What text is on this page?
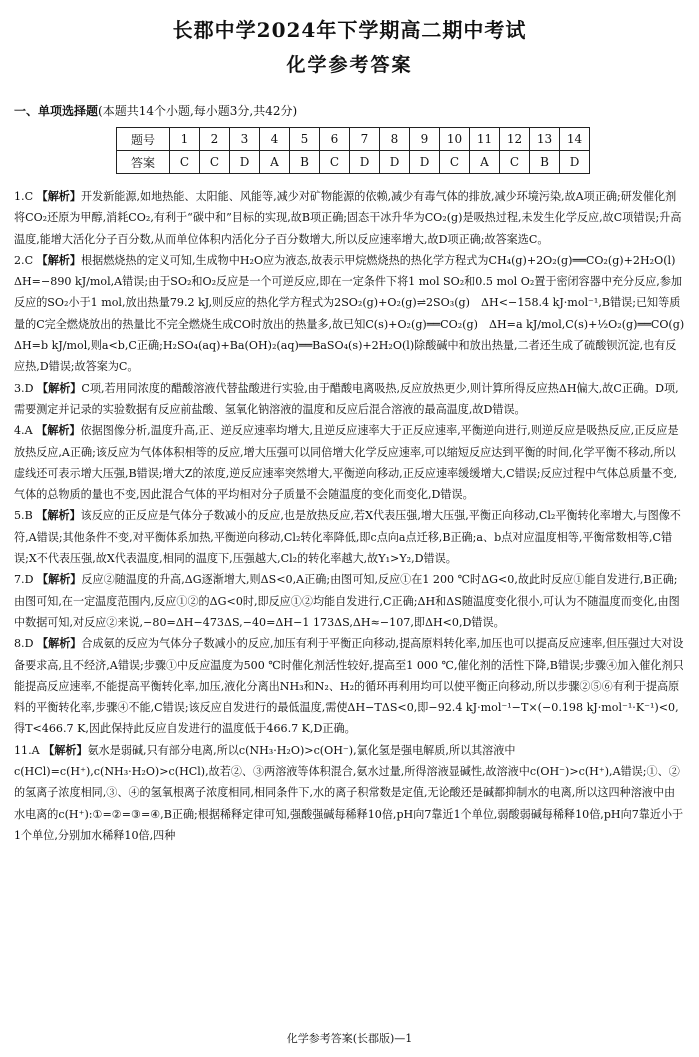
长郡中学2024年下学期高二期中考试
化学参考答案
一、单项选择题(本题共14个小题,每小题3分,共42分)
题号	1	2	3	4	5	6	7	8	9	10	11	12	13	14
答案	C	C	D	A	B	C	D	D	D	C	A	C	B	D
1.C 【解析】开发新能源,如地热能、太阳能、风能等,减少对矿物能源的依赖,减少有毒气体的排放,减少环境污染,故A项正确;研发催化剂将CO₂还原为甲醇,消耗CO₂,有利于“碳中和”目标的实现,故B项正确;固态干冰升华为CO₂(g)是吸热过程,未发生化学反应,故C项错误;升高温度,能增大活化分子百分数,从而单位体积内活化分子百分数增大,所以反应速率增大,故D项正确;故答案选C。
2.C 【解析】根据燃烧热的定义可知,生成物中H₂O应为液态,故表示甲烷燃烧热的热化学方程式为CH₄(g)+2O₂(g)══CO₂(g)+2H₂O(l)　ΔH=−890 kJ/mol,A错误;由于SO₂和O₂反应是一个可逆反应,即在一定条件下将1 mol SO₂和0.5 mol O₂置于密闭容器中充分反应,参加反应的SO₂小于1 mol,放出热量79.2 kJ,则反应的热化学方程式为2SO₂(g)+O₂(g)⇌2SO₃(g)　ΔH<−158.4 kJ·mol⁻¹,B错误;已知等质量的C完全燃烧放出的热量比不完全燃烧生成CO时放出的热量多,故已知C(s)+O₂(g)══CO₂(g)　ΔH=a kJ/mol,C(s)+½O₂(g)══CO(g)　ΔH=b kJ/mol,则a<b,C正确;H₂SO₄(aq)+Ba(OH)₂(aq)══BaSO₄(s)+2H₂O(l)除酸碱中和放出热量,二者还生成了硫酸钡沉淀,也有反应热,D错误;故答案为C。
3.D 【解析】C项,若用同浓度的醋酸溶液代替盐酸进行实验,由于醋酸电离吸热,反应放热更少,则计算所得反应热ΔH偏大,故C正确。D项,需要测定并记录的实验数据有反应前盐酸、氢氧化钠溶液的温度和反应后混合溶液的最高温度,故D错误。
4.A 【解析】依据图像分析,温度升高,正、逆反应速率均增大,且逆反应速率大于正反应速率,平衡逆向进行,则逆反应是吸热反应,正反应是放热反应,A正确;该反应为气体体积相等的反应,增大压强可以同倍增大化学反应速率,可以缩短反应达到平衡的时间,化学平衡不移动,所以虚线还可表示增大压强,B错误;增大Z的浓度,逆反应速率突然增大,平衡逆向移动,正反应速率缓缓增大,C错误;反应过程中气体总质量不变,气体的总物质的量也不变,因此混合气体的平均相对分子质量不会随温度的变化而变化,D错误。
5.B 【解析】该反应的正反应是气体分子数减小的反应,也是放热反应,若X代表压强,增大压强,平衡正向移动,Cl₂平衡转化率增大,与图像不符,A错误;其他条件不变,对平衡体系加热,平衡逆向移动,Cl₂转化率降低,即c点向a点迁移,B正确;a、b点对应温度相等,平衡常数相等,C错误;X不代表压强,故X代表温度,相同的温度下,压强越大,Cl₂的转化率越大,故Y₁>Y₂,D错误。
7.D 【解析】反应②随温度的升高,ΔG逐渐增大,则ΔS<0,A正确;由图可知,反应①在1 200 ℃时ΔG<0,故此时反应①能自发进行,B正确;由图可知,在一定温度范围内,反应①②的ΔG<0时,即反应①②均能自发进行,C正确;ΔH和ΔS随温度变化很小,可认为不随温度而变化,由图中数据可知,对反应②来说,−80=ΔH−473ΔS,−40=ΔH−1 173ΔS,ΔH≈−107,即ΔH<0,D错误。
8.D 【解析】合成氨的反应为气体分子数减小的反应,加压有利于平衡正向移动,提高原料转化率,加压也可以提高反应速率,但压强过大对设备要求高,且不经济,A错误;步骤①中反应温度为500 ℃时催化剂活性较好,提高至1 000 ℃,催化剂的活性下降,B错误;步骤④加入催化剂只能提高反应速率,不能提高平衡转化率,加压,液化分离出NH₃和N₂、H₂的循环再利用均可以使平衡正向移动,所以步骤②⑤⑥有利于提高原料的平衡转化率,步骤④不能,C错误;该反应自发进行的最低温度,需使ΔH−TΔS<0,即−92.4 kJ·mol⁻¹−T×(−0.198 kJ·mol⁻¹·K⁻¹)<0,得T<466.7 K,因此保持此反应自发进行的温度低于466.7 K,D正确。
11.A 【解析】氨水是弱碱,只有部分电离,所以c(NH₃·H₂O)>c(OH⁻),氯化氢是强电解质,所以其溶液中c(HCl)=c(H⁺),c(NH₃·H₂O)>c(HCl),故若②、③两溶液等体积混合,氨水过量,所得溶液显碱性,故溶液中c(OH⁻)>c(H⁺),A错误;①、②的氢离子浓度相同,③、④的氢氧根离子浓度相同,相同条件下,水的离子积常数是定值,无论酸还是碱都抑制水的电离,所以这四种溶液中由水电离的c(H⁺):①=②=③=④,B正确;根据稀释定律可知,强酸强碱每稀释10倍,pH向7靠近1个单位,弱酸弱碱每稀释10倍,pH向7靠近小于1个单位,分别加水稀释10倍,四种
化学参考答案(长郡版)—1
